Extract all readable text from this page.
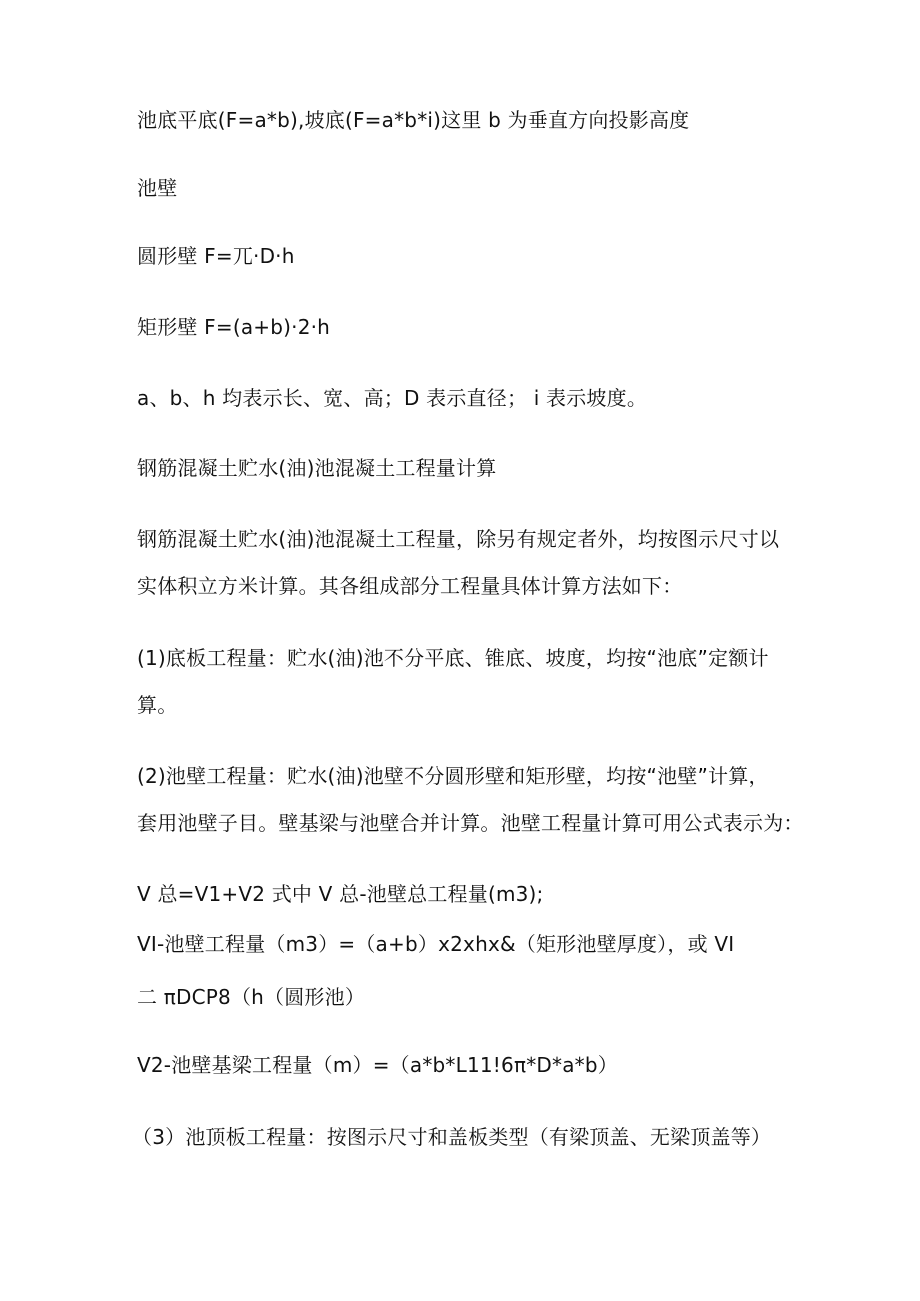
池底平底(F=a*b),坡底(F=a*b*i)这里 b 为垂直方向投影高度
池壁
圆形壁 F=兀·D·h
矩形壁 F=(a+b)·2·h
a、b、h 均表示长、宽、高；D 表示直径； i 表示坡度。
钢筋混凝土贮水(油)池混凝土工程量计算
钢筋混凝土贮水(油)池混凝土工程量，除另有规定者外，均按图示尺寸以
实体积立方米计算。其各组成部分工程量具体计算方法如下：
(1)底板工程量：贮水(油)池不分平底、锥底、坡度，均按“池底”定额计
算。
(2)池壁工程量：贮水(油)池壁不分圆形壁和矩形壁，均按“池壁”计算，
套用池壁子目。壁基梁与池壁合并计算。池壁工程量计算可用公式表示为：
V 总=V1+V2 式中 V 总-池壁总工程量(m3);
VI-池壁工程量（m3）=（a+b）x2xhx&（矩形池壁厚度），或 VI
二 πDCP8（h（圆形池）
V2-池壁基梁工程量（m）=（a*b*L11!6π*D*a*b）
（3）池顶板工程量：按图示尺寸和盖板类型（有梁顶盖、无梁顶盖等）
